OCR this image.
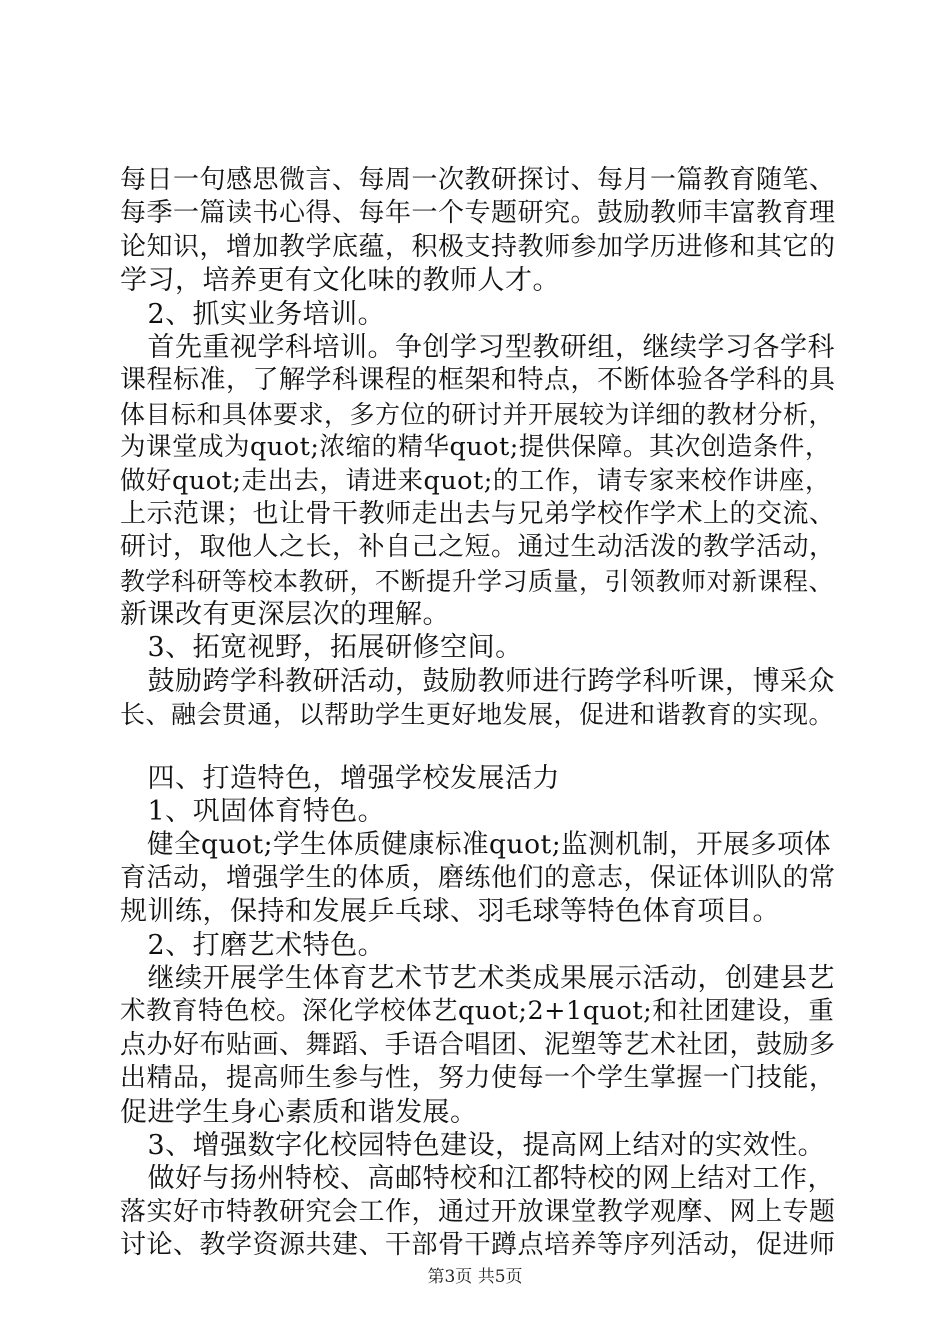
每日一句感思微言、每周一次教研探讨、每月一篇教育随笔、
每季一篇读书心得、每年一个专题研究。鼓励教师丰富教育理
论知识，增加教学底蕴，积极支持教师参加学历进修和其它的
学习，培养更有文化味的教师人才。
　2、抓实业务培训。
　首先重视学科培训。争创学习型教研组，继续学习各学科
课程标准，了解学科课程的框架和特点，不断体验各学科的具
体目标和具体要求，多方位的研讨并开展较为详细的教材分析，
为课堂成为quot;浓缩的精华quot;提供保障。其次创造条件，
做好quot;走出去，请进来quot;的工作，请专家来校作讲座，
上示范课；也让骨干教师走出去与兄弟学校作学术上的交流、
研讨，取他人之长，补自己之短。通过生动活泼的教学活动，
教学科研等校本教研，不断提升学习质量，引领教师对新课程、
新课改有更深层次的理解。
　3、拓宽视野，拓展研修空间。
　鼓励跨学科教研活动，鼓励教师进行跨学科听课，博采众
长、融会贯通，以帮助学生更好地发展，促进和谐教育的实现。
　四、打造特色，增强学校发展活力
　1、巩固体育特色。
　健全quot;学生体质健康标准quot;监测机制，开展多项体
育活动，增强学生的体质，磨练他们的意志，保证体训队的常
规训练，保持和发展乒乓球、羽毛球等特色体育项目。
　2、打磨艺术特色。
　继续开展学生体育艺术节艺术类成果展示活动，创建县艺
术教育特色校。深化学校体艺quot;2+1quot;和社团建设，重
点办好布贴画、舞蹈、手语合唱团、泥塑等艺术社团，鼓励多
出精品，提高师生参与性，努力使每一个学生掌握一门技能，
促进学生身心素质和谐发展。
　3、增强数字化校园特色建设，提高网上结对的实效性。
　做好与扬州特校、高邮特校和江都特校的网上结对工作，
落实好市特教研究会工作，通过开放课堂教学观摩、网上专题
讨论、教学资源共建、干部骨干蹲点培养等序列活动，促进师
第3页 共5页
